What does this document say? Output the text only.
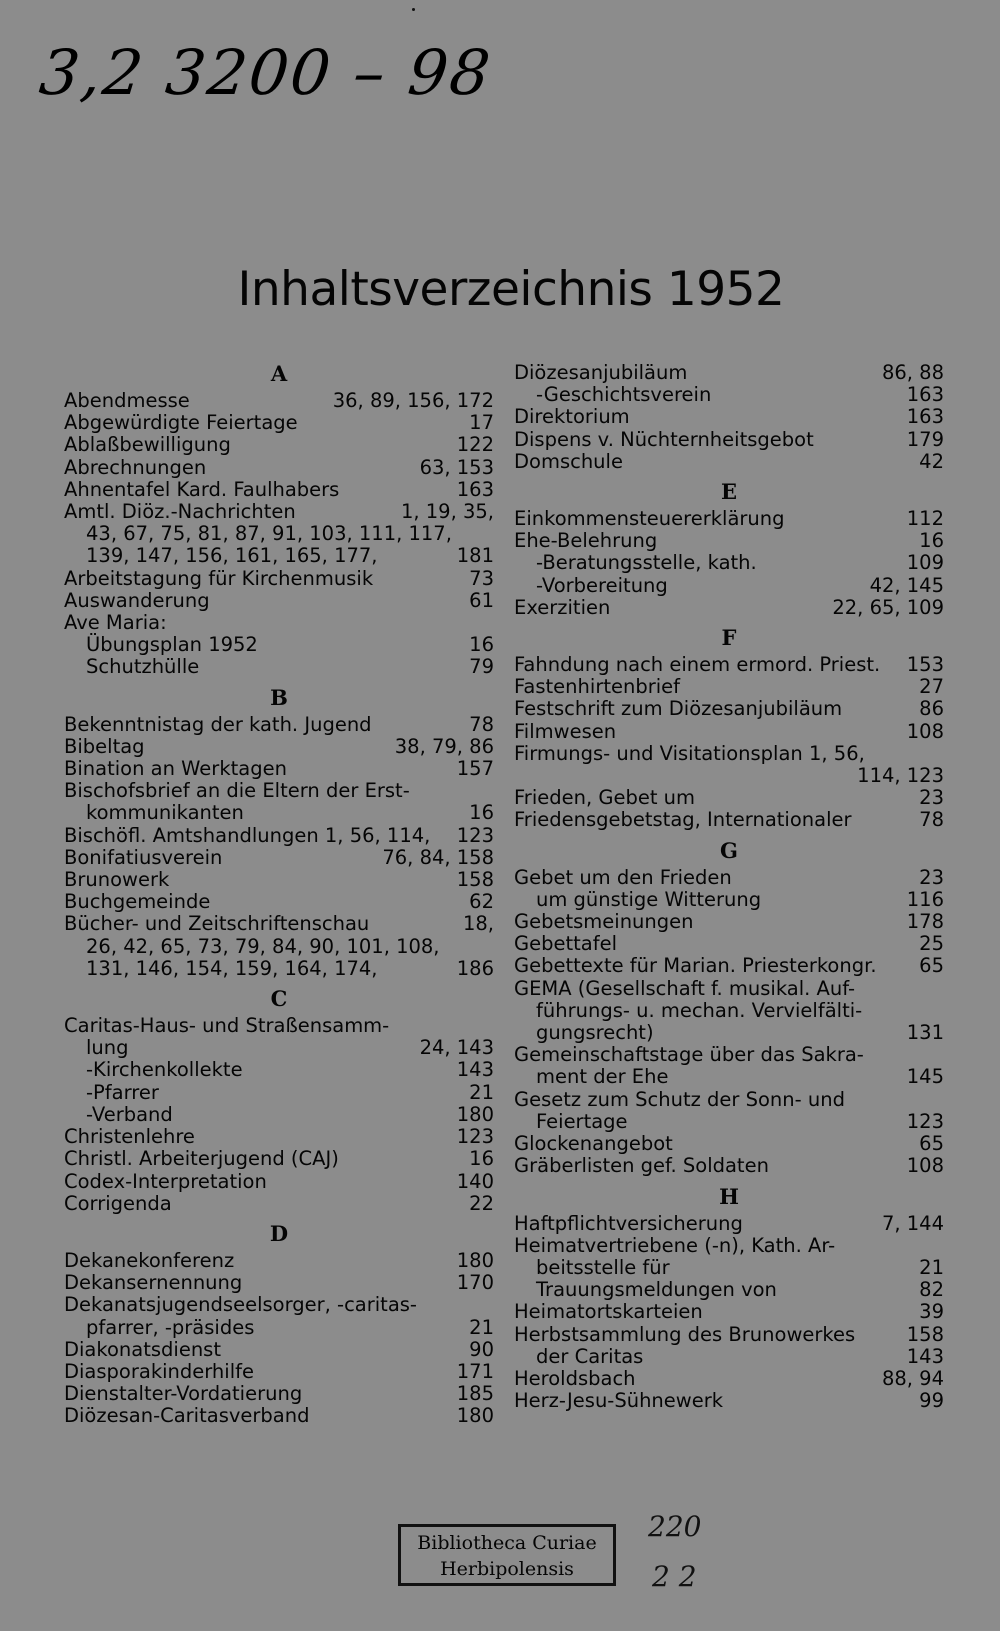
3,2 3200 – 98
Inhaltsverzeichnis 1952
A
Abendmesse	36, 89, 156, 172
Abgewürdigte Feiertage	17
Ablaßbewilligung	122
Abrechnungen	63, 153
Ahnentafel Kard. Faulhabers	163
Amtl. Diöz.-Nachrichten	1, 19, 35,
43, 67, 75, 81, 87, 91, 103, 111, 117,
139, 147, 156, 161, 165, 177,	181
Arbeitstagung für Kirchenmusik	73
Auswanderung	61
Ave Maria:
Übungsplan 1952	16
Schutzhülle	79
B
Bekenntnistag der kath. Jugend	78
Bibeltag	38, 79, 86
Bination an Werktagen	157
Bischofsbrief an die Eltern der Erst-
kommunikanten	16
Bischöfl. Amtshandlungen 1, 56, 114,	123
Bonifatiusverein	76, 84, 158
Brunowerk	158
Buchgemeinde	62
Bücher- und Zeitschriftenschau	18,
26, 42, 65, 73, 79, 84, 90, 101, 108,
131, 146, 154, 159, 164, 174,	186
C
Caritas-Haus- und Straßensamm-
lung	24, 143
-Kirchenkollekte	143
-Pfarrer	21
-Verband	180
Christenlehre	123
Christl. Arbeiterjugend (CAJ)	16
Codex-Interpretation	140
Corrigenda	22
D
Dekanekonferenz	180
Dekansernennung	170
Dekanatsjugendseelsorger, -caritas-
pfarrer, -präsides	21
Diakonatsdienst	90
Diasporakinderhilfe	171
Dienstalter-Vordatierung	185
Diözesan-Caritasverband	180
Diözesanjubiläum	86, 88
-Geschichtsverein	163
Direktorium	163
Dispens v. Nüchternheitsgebot	179
Domschule	42
E
Einkommensteuererklärung	112
Ehe-Belehrung	16
-Beratungsstelle, kath.	109
-Vorbereitung	42, 145
Exerzitien	22, 65, 109
F
Fahndung nach einem ermord. Priest.	153
Fastenhirtenbrief	27
Festschrift zum Diözesanjubiläum	86
Filmwesen	108
Firmungs- und Visitationsplan 1, 56,
114, 123
Frieden, Gebet um	23
Friedensgebetstag, Internationaler	78
G
Gebet um den Frieden	23
um günstige Witterung	116
Gebetsmeinungen	178
Gebettafel	25
Gebettexte für Marian. Priesterkongr.	65
GEMA (Gesellschaft f. musikal. Auf-
führungs- u. mechan. Vervielfälti-
gungsrecht)	131
Gemeinschaftstage über das Sakra-
ment der Ehe	145
Gesetz zum Schutz der Sonn- und
Feiertage	123
Glockenangebot	65
Gräberlisten gef. Soldaten	108
H
Haftpflichtversicherung	7, 144
Heimatvertriebene (-n), Kath. Ar-
beitsstelle für	21
Trauungsmeldungen von	82
Heimatortskarteien	39
Herbstsammlung des Brunowerkes	158
der Caritas	143
Heroldsbach	88, 94
Herz-Jesu-Sühnewerk	99
Bibliotheca Curiae
Herbipolensis
220
2 2
